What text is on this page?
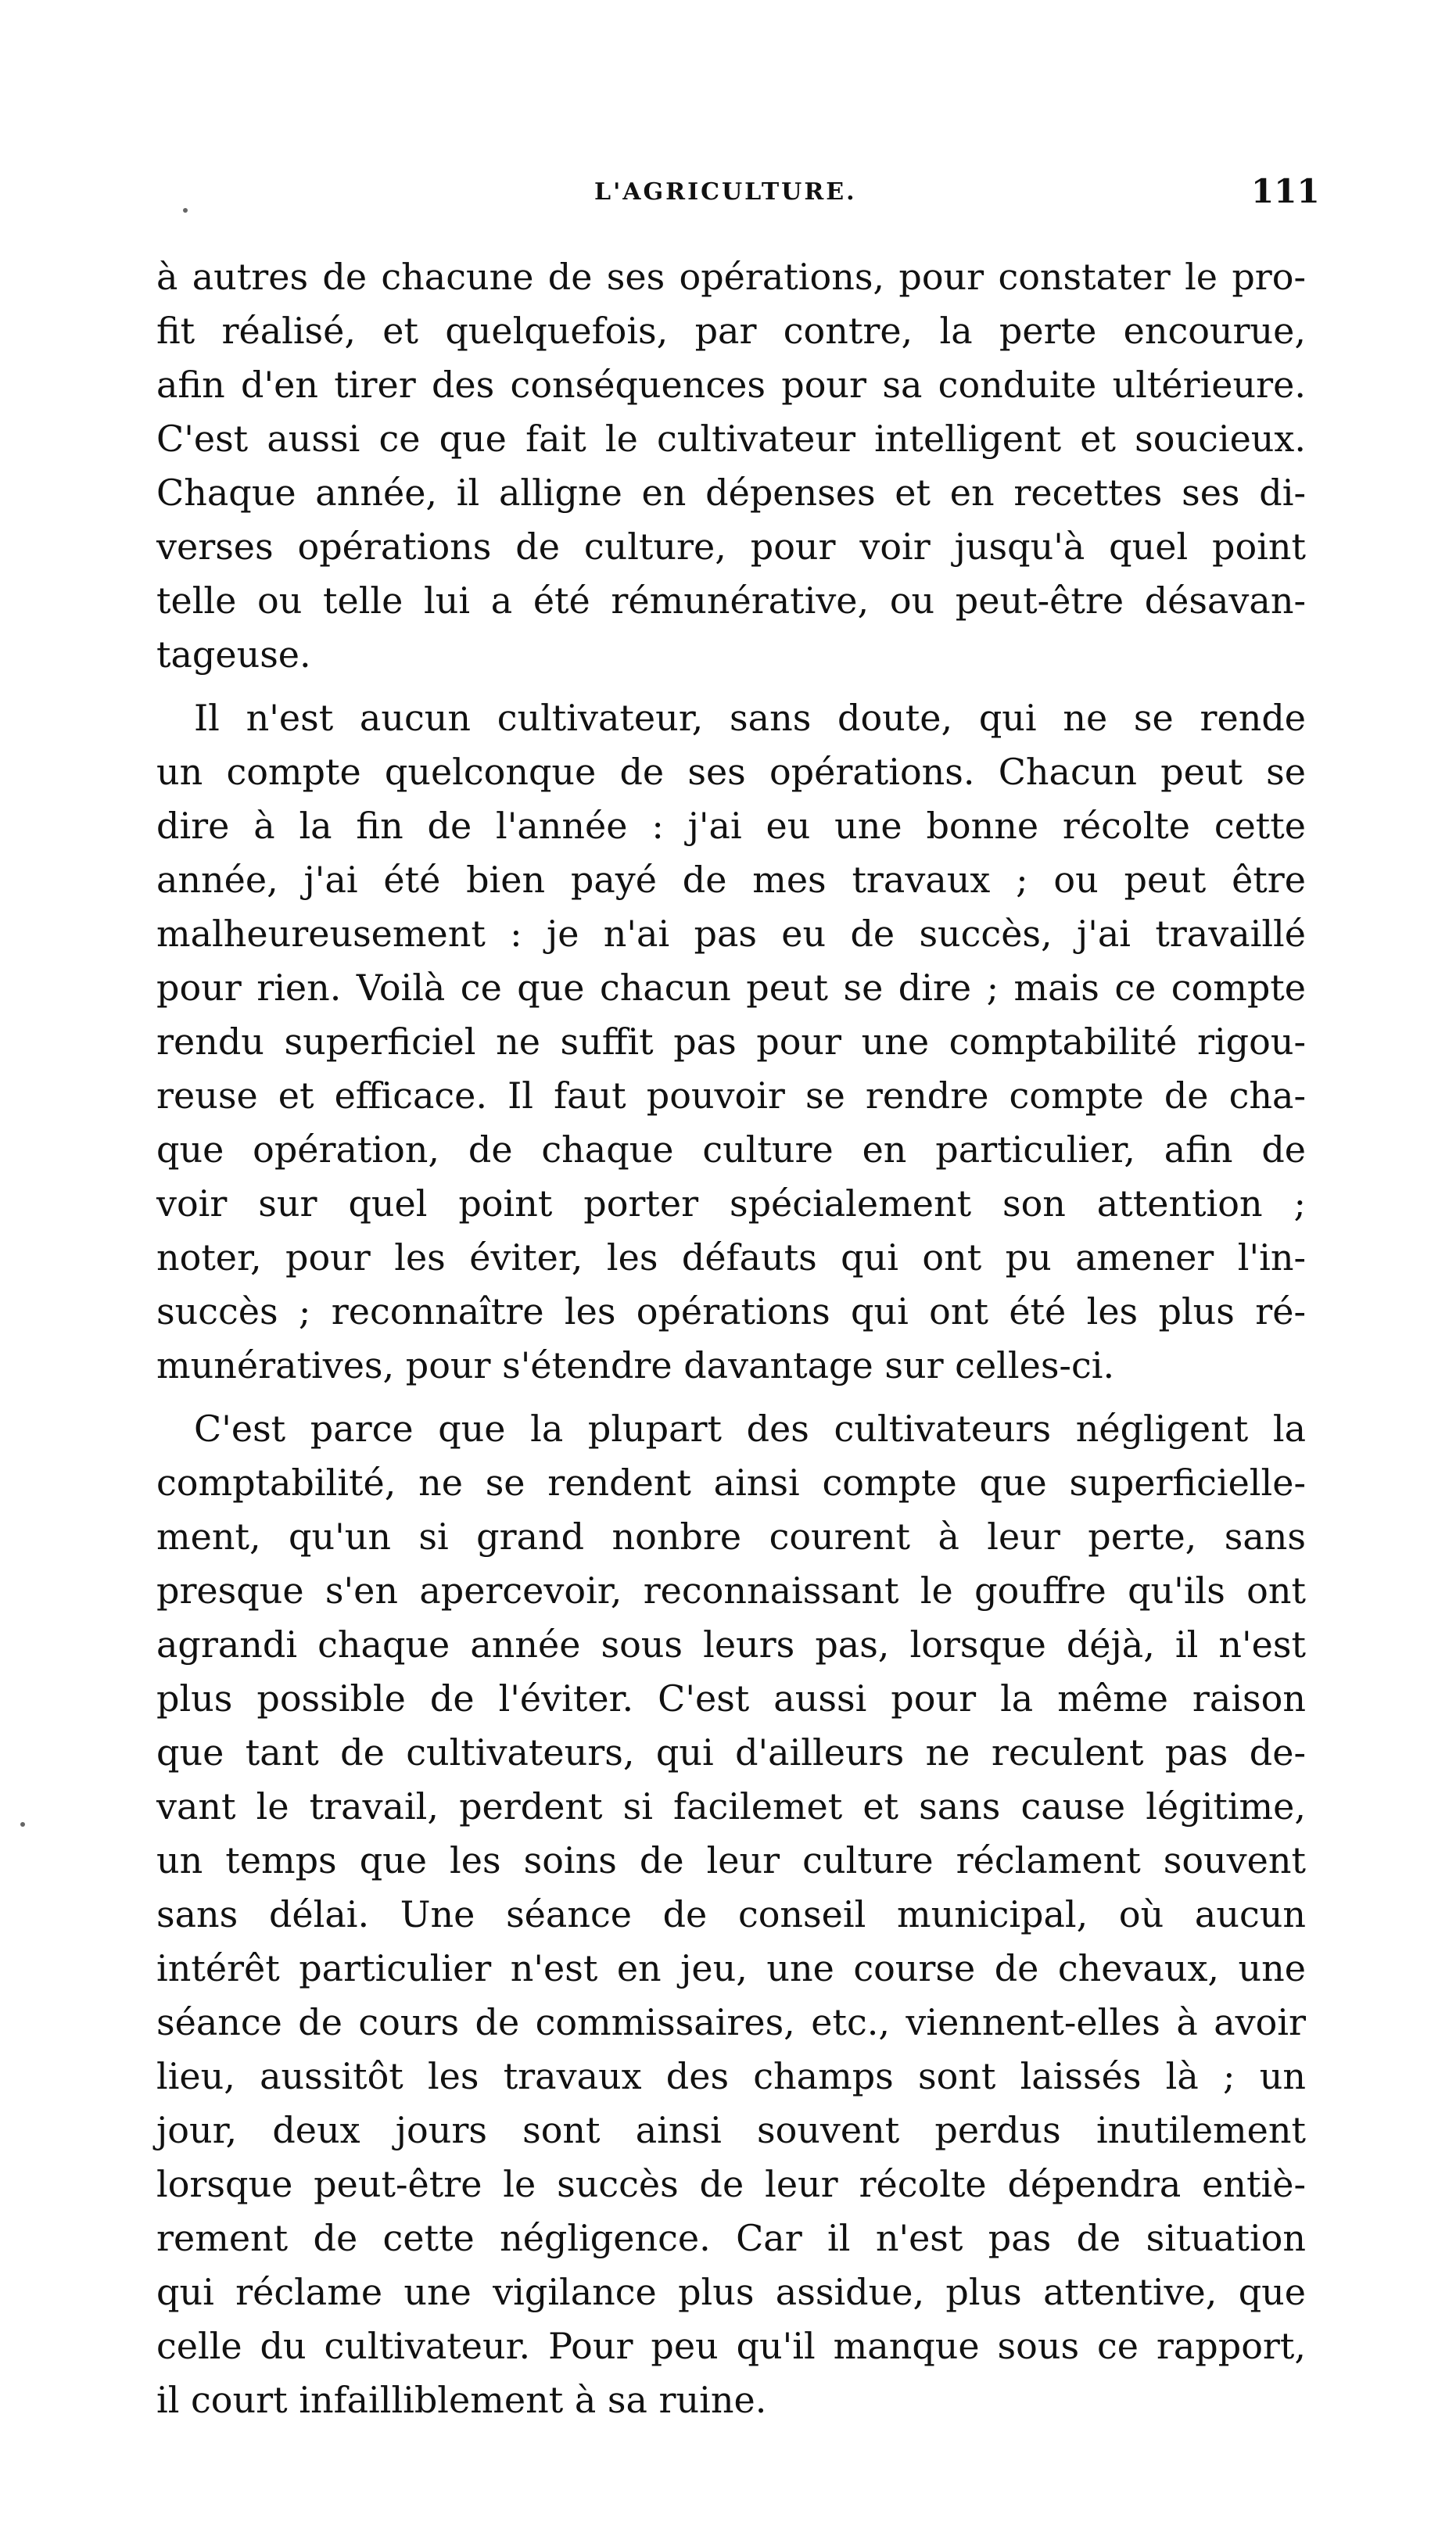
L'AGRICULTURE.	111
à autres de chacune de ses opérations, pour constater le pro-
fit réalisé, et quelquefois, par contre, la perte encourue,
afin d'en tirer des conséquences pour sa conduite ultérieure.
C'est aussi ce que fait le cultivateur intelligent et soucieux.
Chaque année, il alligne en dépenses et en recettes ses di-
verses opérations de culture, pour voir jusqu'à quel point
telle ou telle lui a été rémunérative, ou peut-être désavan-
tageuse.
Il n'est aucun cultivateur, sans doute, qui ne se rende
un compte quelconque de ses opérations. Chacun peut se
dire à la fin de l'année : j'ai eu une bonne récolte cette
année, j'ai été bien payé de mes travaux ; ou peut être
malheureusement : je n'ai pas eu de succès, j'ai travaillé
pour rien. Voilà ce que chacun peut se dire ; mais ce compte
rendu superficiel ne suffit pas pour une comptabilité rigou-
reuse et efficace. Il faut pouvoir se rendre compte de cha-
que opération, de chaque culture en particulier, afin de
voir sur quel point porter spécialement son attention ;
noter, pour les éviter, les défauts qui ont pu amener l'in-
succès ; reconnaître les opérations qui ont été les plus ré-
munératives, pour s'étendre davantage sur celles-ci.
C'est parce que la plupart des cultivateurs négligent la
comptabilité, ne se rendent ainsi compte que superficielle-
ment, qu'un si grand nonbre courent à leur perte, sans
presque s'en apercevoir, reconnaissant le gouffre qu'ils ont
agrandi chaque année sous leurs pas, lorsque déjà, il n'est
plus possible de l'éviter. C'est aussi pour la même raison
que tant de cultivateurs, qui d'ailleurs ne reculent pas de-
vant le travail, perdent si facilemet et sans cause légitime,
un temps que les soins de leur culture réclament souvent
sans délai. Une séance de conseil municipal, où aucun
intérêt particulier n'est en jeu, une course de chevaux, une
séance de cours de commissaires, etc., viennent-elles à avoir
lieu, aussitôt les travaux des champs sont laissés là ; un
jour, deux jours sont ainsi souvent perdus inutilement
lorsque peut-être le succès de leur récolte dépendra entiè-
rement de cette négligence. Car il n'est pas de situation
qui réclame une vigilance plus assidue, plus attentive, que
celle du cultivateur. Pour peu qu'il manque sous ce rapport,
il court infailliblement à sa ruine.
